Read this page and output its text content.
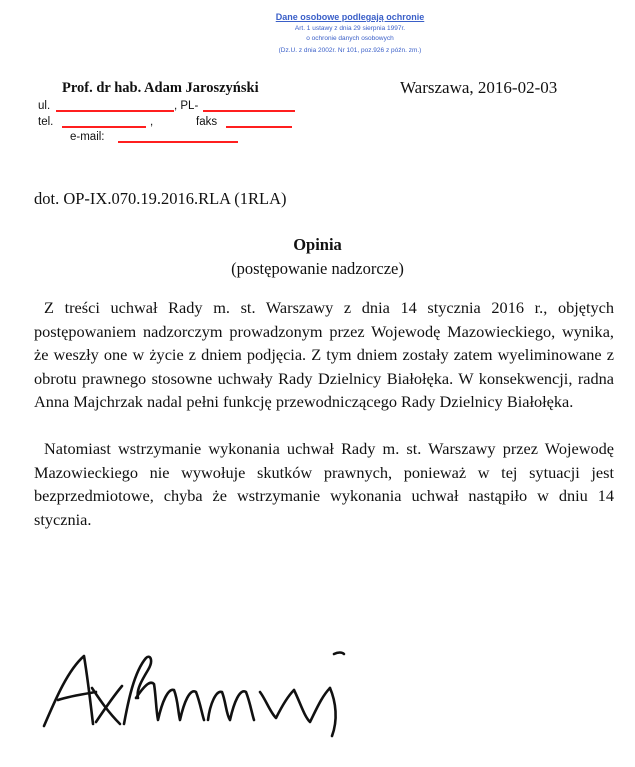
Dane osobowe podlegają ochronie
Art. 1 ustawy z dnia 29 sierpnia 1997r.
o ochronie danych osobowych
(Dz.U. z dnia 2002r. Nr 101, poz.926 z późn. zm.)
Prof. dr hab. Adam Jaroszyński	Warszawa, 2016-02-03
ul.	, PL-
tel.	,	faks
e-mail:
dot. OP-IX.070.19.2016.RLA (1RLA)
Opinia
(postępowanie nadzorcze)
Z treści uchwał Rady m. st. Warszawy z dnia 14 stycznia 2016 r., objętych postępowaniem nadzorczym prowadzonym przez Wojewodę Mazowieckiego, wynika, że weszły one w życie z dniem podjęcia. Z tym dniem zostały zatem wyeliminowane z obrotu prawnego stosowne uchwały Rady Dzielnicy Białołęka. W konsekwencji, radna Anna Majchrzak nadal pełni funkcję przewodniczącego Rady Dzielnicy Białołęka.
Natomiast wstrzymanie wykonania uchwał Rady m. st. Warszawy przez Wojewodę Mazowieckiego nie wywołuje skutków prawnych, ponieważ w tej sytuacji jest bezprzedmiotowe, chyba że wstrzymanie wykonania uchwał nastąpiło w dniu 14 stycznia.
